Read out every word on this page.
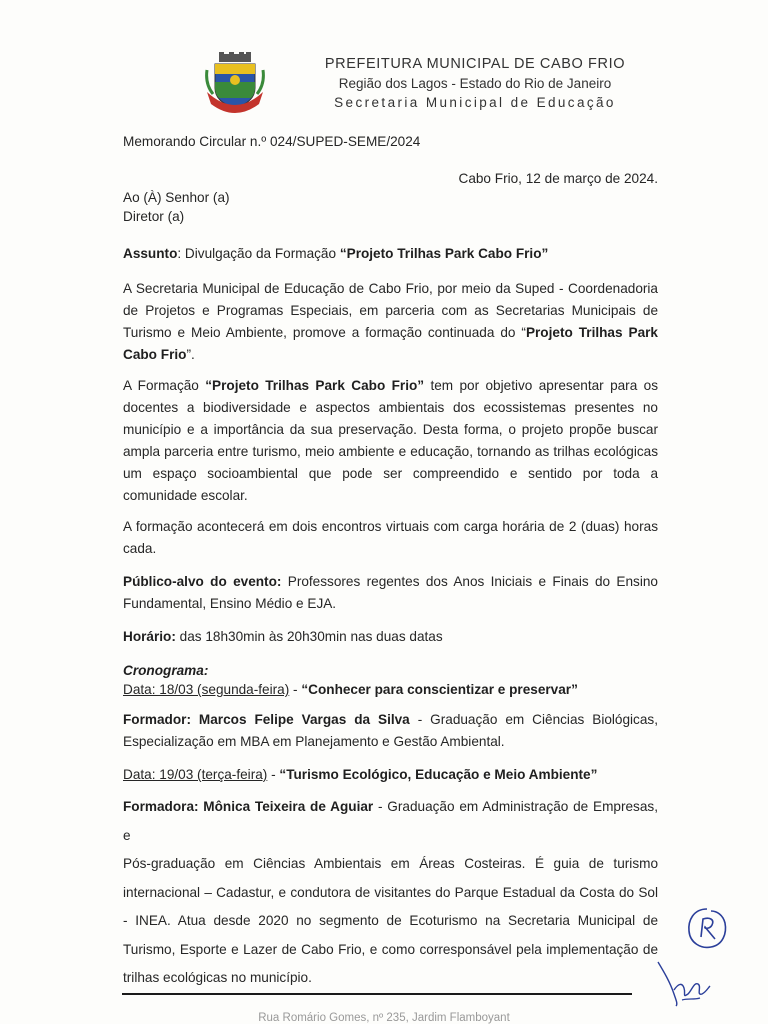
PREFEITURA MUNICIPAL DE CABO FRIO
Região dos Lagos - Estado do Rio de Janeiro
Secretaria Municipal de Educação
Memorando Circular n.º 024/SUPED-SEME/2024
Cabo Frio, 12 de março de 2024.
Ao (À) Senhor (a)
Diretor (a)
Assunto: Divulgação da Formação “Projeto Trilhas Park Cabo Frio”
A Secretaria Municipal de Educação de Cabo Frio, por meio da Suped - Coordenadoria
de Projetos e Programas Especiais, em parceria com as Secretarias Municipais de
Turismo e Meio Ambiente, promove a formação continuada do “Projeto Trilhas Park
Cabo Frio”.
A Formação “Projeto Trilhas Park Cabo Frio” tem por objetivo apresentar para os
docentes a biodiversidade e aspectos ambientais dos ecossistemas presentes no
município e a importância da sua preservação. Desta forma, o projeto propõe buscar
ampla parceria entre turismo, meio ambiente e educação, tornando as trilhas ecológicas
um espaço socioambiental que pode ser compreendido e sentido por toda a
comunidade escolar.
A formação acontecerá em dois encontros virtuais com carga horária de 2 (duas) horas
cada.
Público-alvo do evento: Professores regentes dos Anos Iniciais e Finais do Ensino
Fundamental, Ensino Médio e EJA.
Horário: das 18h30min às 20h30min nas duas datas
Cronograma:
Data: 18/03 (segunda-feira) - “Conhecer para conscientizar e preservar”
Formador: Marcos Felipe Vargas da Silva - Graduação em Ciências Biológicas,
Especialização em MBA em Planejamento e Gestão Ambiental.
Data: 19/03 (terça-feira) - “Turismo Ecológico, Educação e Meio Ambiente”
Formadora: Mônica Teixeira de Aguiar - Graduação em Administração de Empresas, e
Pós-graduação em Ciências Ambientais em Áreas Costeiras. É guia de turismo
internacional – Cadastur, e condutora de visitantes do Parque Estadual da Costa do Sol
- INEA. Atua desde 2020 no segmento de Ecoturismo na Secretaria Municipal de
Turismo, Esporte e Lazer de Cabo Frio, e como corresponsável pela implementação de
trilhas ecológicas no município.
Rua Romário Gomes, nº 235, Jardim Flamboyant
